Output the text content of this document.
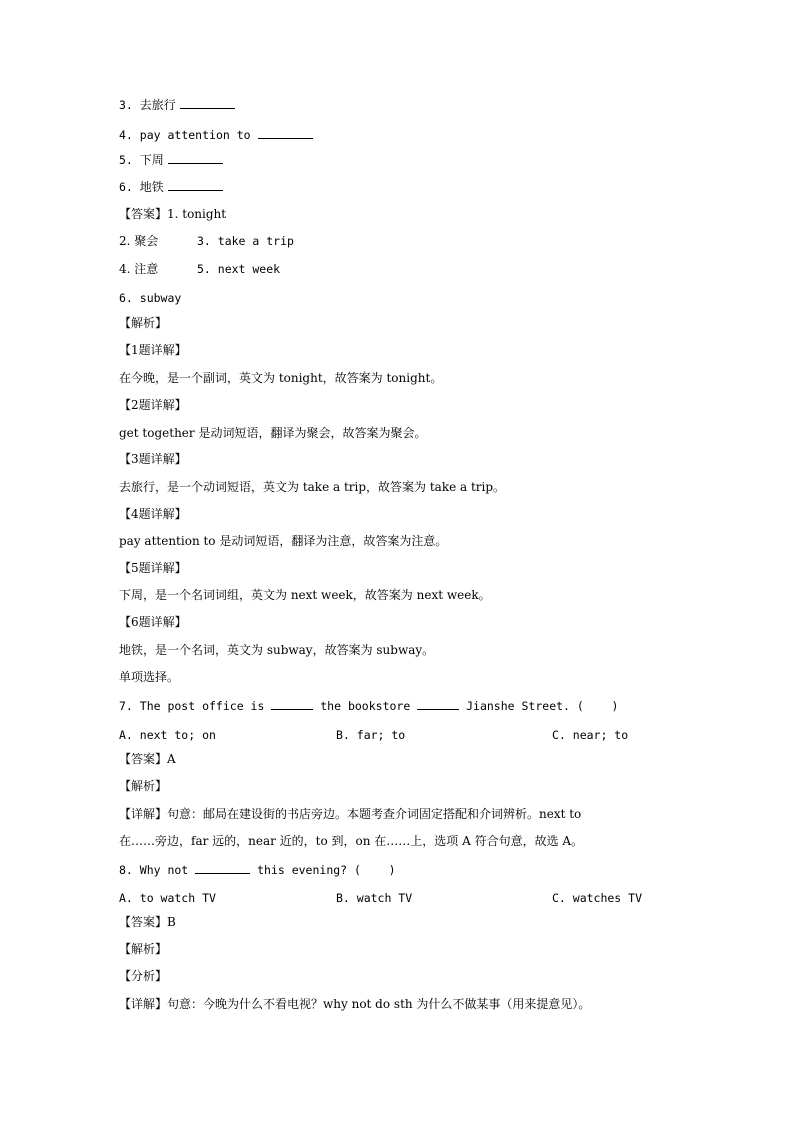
3. 去旅行
4. pay attention to
5. 下周
6. 地铁
【答案】1. tonight
2. 聚会	3. take a trip
4. 注意	5. next week
6. subway
【解析】
【1题详解】
在今晚，是一个副词，英文为 tonight，故答案为 tonight。
【2题详解】
get together 是动词短语，翻译为聚会，故答案为聚会。
【3题详解】
去旅行，是一个动词短语，英文为 take a trip，故答案为 take a trip。
【4题详解】
pay attention to 是动词短语，翻译为注意，故答案为注意。
【5题详解】
下周，是一个名词词组，英文为 next week，故答案为 next week。
【6题详解】
地铁，是一个名词，英文为 subway，故答案为 subway。
单项选择。
7. The post office is	the bookstore	Jianshe Street. (    )
A. next to; on	B. far; to	C. near; to
【答案】A
【解析】
【详解】句意：邮局在建设街的书店旁边。本题考查介词固定搭配和介词辨析。next to
在……旁边，far 远的，near 近的，to 到，on 在……上，选项 A 符合句意，故选 A。
8. Why not	this evening? (    )
A. to watch TV	B. watch TV	C. watches TV
【答案】B
【解析】
【分析】
【详解】句意：今晚为什么不看电视？why not do sth 为什么不做某事（用来提意见）。
